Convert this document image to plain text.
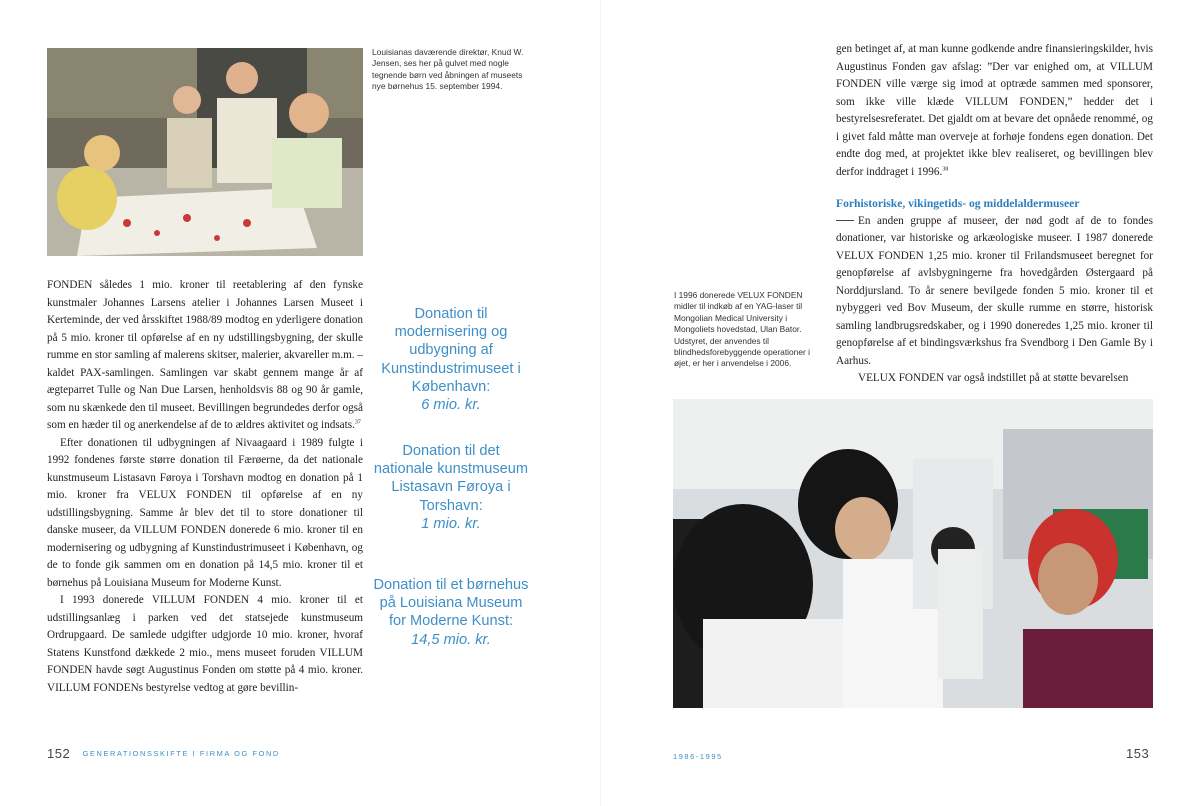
Louisianas daværende direktør, Knud W. Jensen, ses her på gulvet med nogle tegnende børn ved åbningen af museets nye børnehus 15. september 1994.

FONDEN således 1 mio. kroner til reetablering af den fynske kunstmaler Johannes Larsens atelier i Johannes Larsen Museet i Kerteminde, der ved årsskiftet 1988/89 modtog en yderligere donation på 5 mio. kroner til opførelse af en ny udstillingsbygning, der skulle rumme en stor samling af malerens skitser, malerier, akvareller m.m. – kaldet PAX-samlingen. Samlingen var skabt gennem mange år af ægteparret Tulle og Nan Due Larsen, henholdsvis 88 og 90 år gamle, som nu skænkede den til museet. Bevillingen begrundedes derfor også som en hæder til og anerkendelse af de to ældres aktivitet og indsats.$^{37}$

Efter donationen til udbygningen af Nivaagaard i 1989 fulgte i 1992 fondenes første større donation til Færøerne, da det nationale kunstmuseum Listasavn Føroya i Torshavn modtog en donation på 1 mio. kroner fra VELUX FONDEN til opførelse af en ny udstillingsbygning. Samme år blev det til to store donationer til danske museer, da VILLUM FONDEN donerede 6 mio. kroner til en modernisering og udbygning af Kunstindustrimuseet i København, og de to fonde gik sammen om en donation på 14,5 mio. kroner til et børnehus på Louisiana Museum for Moderne Kunst.

I 1993 donerede VILLUM FONDEN 4 mio. kroner til et udstillingsanlæg i parken ved det statsejede kunstmuseum Ordrupgaard. De samlede udgifter udgjorde 10 mio. kroner, hvoraf Statens Kunstfond dækkede 2 mio., mens museet foruden VILLUM FONDEN havde søgt Augustinus Fonden om støtte på 4 mio. kroner. VILLUM FONDENs bestyrelse vedtog at gøre bevillin-

Donation til modernisering og udbygning af Kunstindustrimuseet i København:
6 mio. kr.
Donation til det nationale kunstmuseum Listasavn Føroya i Torshavn:
1 mio. kr.
Donation til et børnehus på Louisiana Museum for Moderne Kunst:
14,5 mio. kr.
152 GENERATIONSSKIFTE I FIRMA OG FOND
I 1996 donerede VELUX FONDEN midler til indkøb af en YAG-laser til Mongolian Medical University i Mongoliets hovedstad, Ulan Bator. Udstyret, der anvendes til blindhedsforebyggende operationer i øjet, er her i anvendelse i 2006.

gen betinget af, at man kunne godkende andre finansieringskilder, hvis Augustinus Fonden gav afslag: ”Der var enighed om, at VILLUM FONDEN ville værge sig imod at optræde sammen med sponsorer, som ikke ville klæde VILLUM FONDEN,” hedder det i bestyrelsesreferatet. Det gjaldt om at bevare det opnåede renommé, og i givet fald måtte man overveje at forhøje fondens egen donation. Det endte dog med, at projektet ikke blev realiseret, og bevillingen blev derfor inddraget i 1996.38

Forhistoriske, vikingetids- og middelaldermuseer

En anden gruppe af museer, der nød godt af de to fondes donationer, var historiske og arkæologiske museer. I 1987 donerede VELUX FONDEN 1,25 mio. kroner til Frilandsmuseet beregnet for genopførelse af avlsbygningerne fra hovedgården Østergaard på Norddjursland. To år senere bevilgede fonden 5 mio. kroner til et nybyggeri ved Bov Museum, der skulle rumme en større, historisk samling landbrugsredskaber, og i 1990 doneredes 1,25 mio. kroner til genopførelse af et bindingsværkshus fra Svendborg i Den Gamle By i Aarhus.

VELUX FONDEN var også indstillet på at støtte bevarelsen

1986-1995	153
